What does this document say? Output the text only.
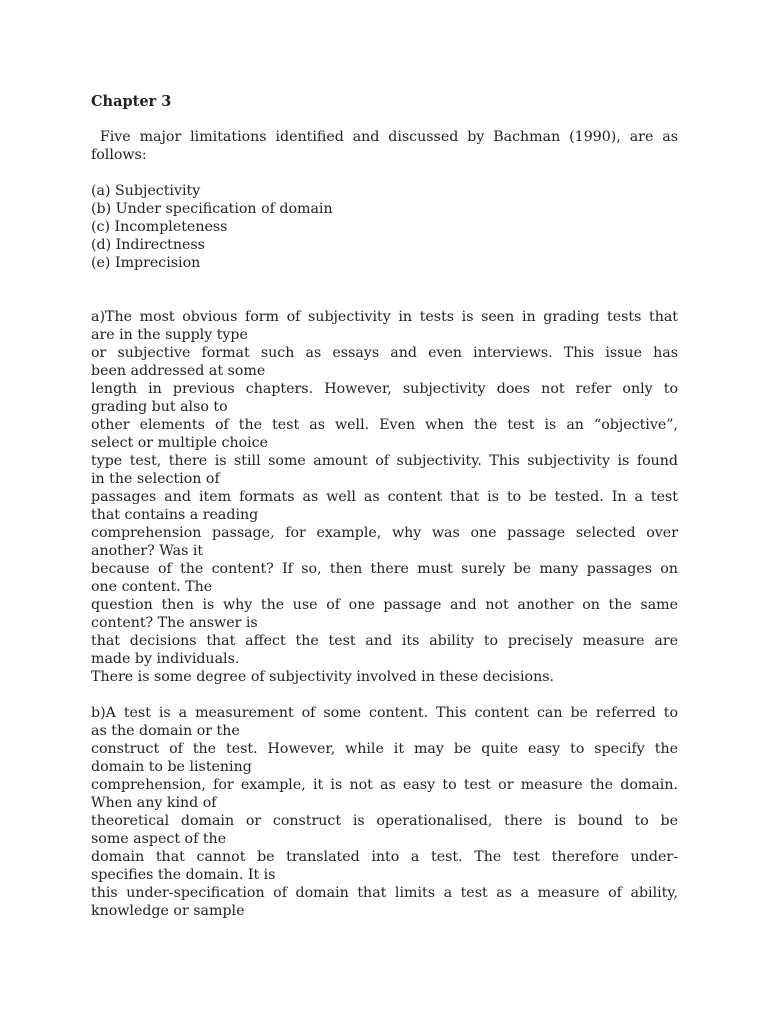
Chapter 3
Five major limitations identified and discussed by Bachman (1990), are as
follows:
(a) Subjectivity
(b) Under specification of domain
(c) Incompleteness
(d) Indirectness
(e) Imprecision
a)The most obvious form of subjectivity in tests is seen in grading tests that
are in the supply type
or subjective format such as essays and even interviews. This issue has
been addressed at some
length in previous chapters. However, subjectivity does not refer only to
grading but also to
other elements of the test as well. Even when the test is an “objective”,
select or multiple choice
type test, there is still some amount of subjectivity. This subjectivity is found
in the selection of
passages and item formats as well as content that is to be tested. In a test
that contains a reading
comprehension passage, for example, why was one passage selected over
another? Was it
because of the content? If so, then there must surely be many passages on
one content. The
question then is why the use of one passage and not another on the same
content? The answer is
that decisions that affect the test and its ability to precisely measure are
made by individuals.
There is some degree of subjectivity involved in these decisions.
b)A test is a measurement of some content. This content can be referred to
as the domain or the
construct of the test. However, while it may be quite easy to specify the
domain to be listening
comprehension, for example, it is not as easy to test or measure the domain.
When any kind of
theoretical domain or construct is operationalised, there is bound to be
some aspect of the
domain that cannot be translated into a test. The test therefore under-
specifies the domain. It is
this under-specification of domain that limits a test as a measure of ability,
knowledge or sample
